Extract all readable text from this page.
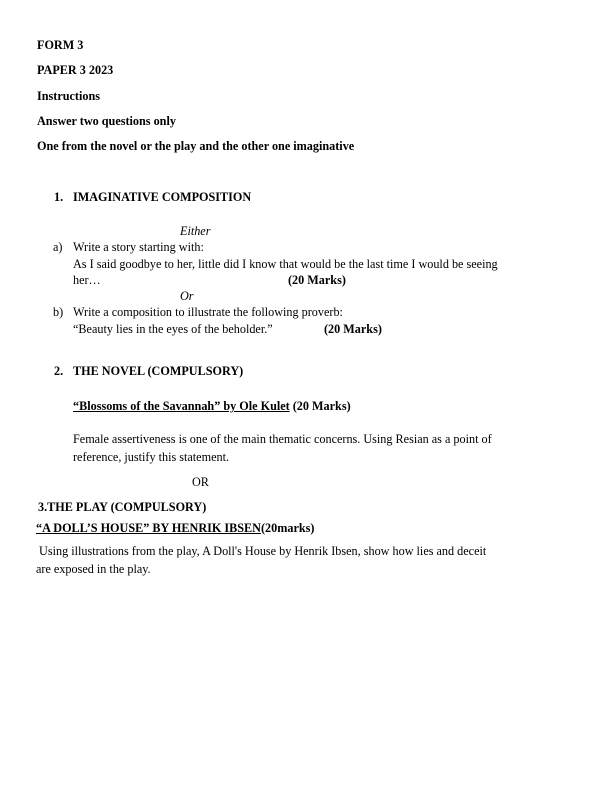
FORM 3
PAPER 3 2023
Instructions
Answer two questions only
One from the novel or the play and the other one imaginative
1. IMAGINATIVE COMPOSITION
Either
a) Write a story starting with:
As I said goodbye to her, little did I know that would be the last time I would be seeing
her…	(20 Marks)
Or
b) Write a composition to illustrate the following proverb:
“Beauty lies in the eyes of the beholder.”	(20 Marks)
2. THE NOVEL (COMPULSORY)
“Blossoms of the Savannah” by Ole Kulet (20 Marks)
Female assertiveness is one of the main thematic concerns. Using Resian as a point of
reference, justify this statement.
OR
3.THE PLAY (COMPULSORY)
“A DOLL’S HOUSE” BY HENRIK IBSEN(20marks)
Using illustrations from the play, A Doll's House by Henrik Ibsen, show how lies and deceit
are exposed in the play.
